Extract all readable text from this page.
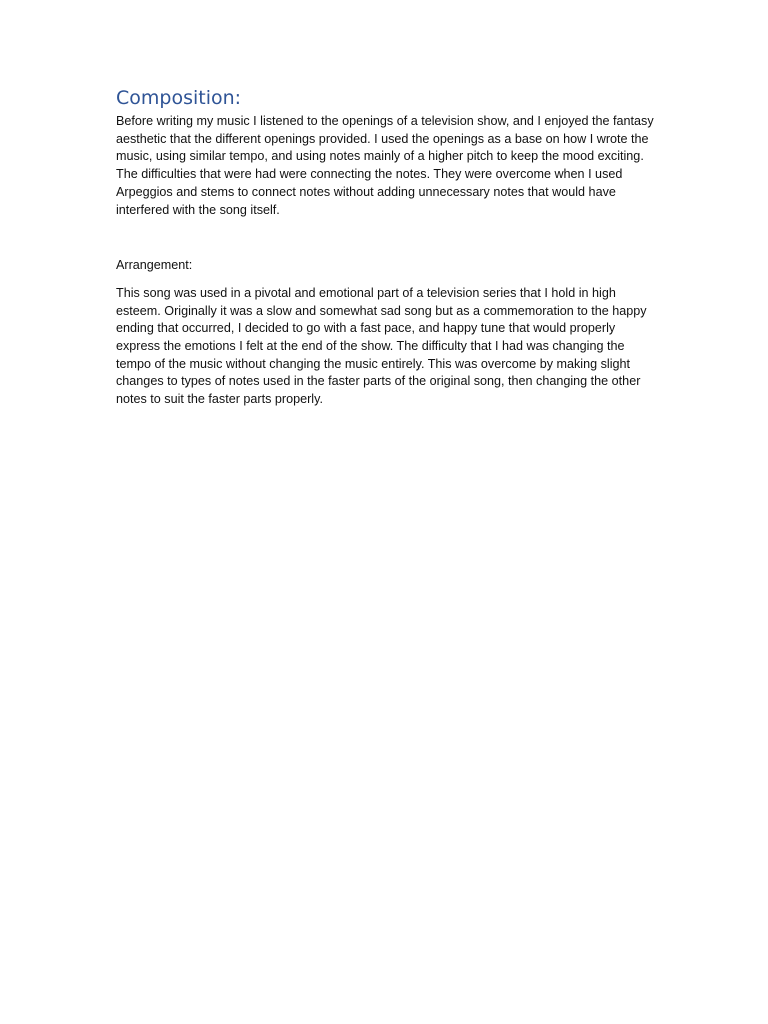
Composition:

Before writing my music I listened to the openings of a television show, and I enjoyed the fantasy
aesthetic that the different openings provided. I used the openings as a base on how I wrote the
music, using similar tempo, and using notes mainly of a higher pitch to keep the mood exciting.
The difficulties that were had were connecting the notes. They were overcome when I used
Arpeggios and stems to connect notes without adding unnecessary notes that would have
interfered with the song itself.

Arrangement:

This song was used in a pivotal and emotional part of a television series that I hold in high
esteem. Originally it was a slow and somewhat sad song but as a commemoration to the happy
ending that occurred, I decided to go with a fast pace, and happy tune that would properly
express the emotions I felt at the end of the show. The difficulty that I had was changing the
tempo of the music without changing the music entirely. This was overcome by making slight
changes to types of notes used in the faster parts of the original song, then changing the other
notes to suit the faster parts properly.
